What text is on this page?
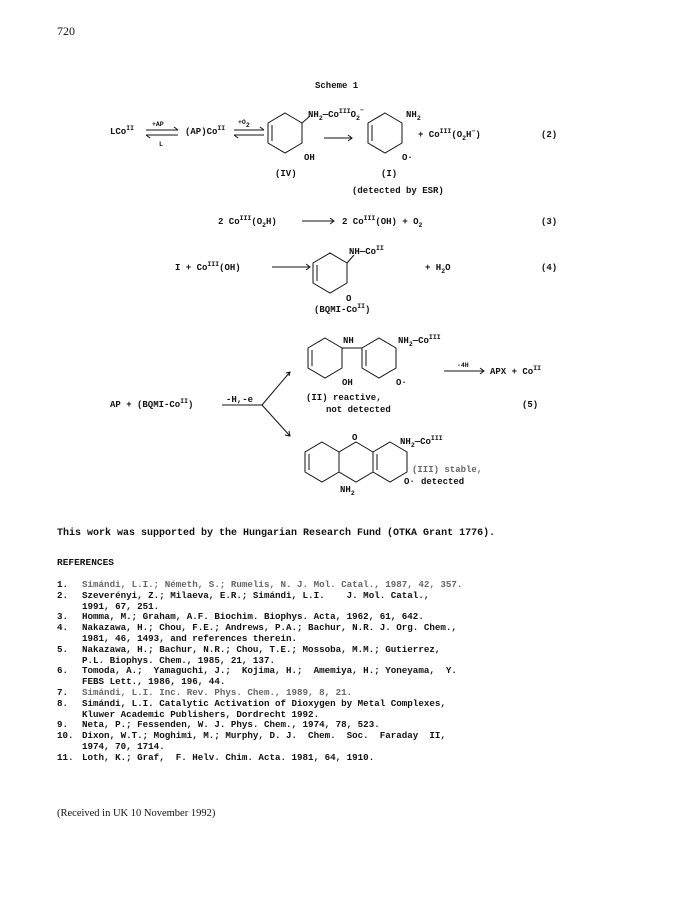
720
Scheme 1
LCo$^{II}$
+AP
L
$(AP)Co^{II}$
+O2
$NH_2—Co^{III}O_2^-$
OH
(IV)
$NH_2$
O·
(I)
+ $Co^{III}(O_2H^-)$	(2)
(detected by ESR)
2 $Co^{III}(O_2H)$	2 $Co^{III}(OH) + O_2$	(3)
$I + Co^{III}(OH)$
$NH—Co^{II}$
O
+ $H_2O$	(4)
$(BQMI-Co^{II})$
AP + $(BQMI-Co^{II})$	-H,-e
NH	$NH_2—Co^{III}$
OH	O·
(II) reactive,
not detected
-4H
APX + $Co^{II}$
(5)
O	$NH_2—Co^{III}$
$NH_2$
O·
(III) stable,
detected
This work was supported by the Hungarian Research Fund (OTKA Grant 1776).
REFERENCES
1.	Simándi, L.I.; Németh, S.; Rumelis, N. J. Mol. Catal., 1987, 42, 357.
2.	Szeverényi, Z.; Milaeva, E.R.; Simándi, L.I.    J. Mol. Catal.,
1991, 67, 251.
3.	Homma, M.; Graham, A.F. Biochim. Biophys. Acta, 1962, 61, 642.
4.	Nakazawa, H.; Chou, F.E.; Andrews, P.A.; Bachur, N.R. J. Org. Chem.,
1981, 46, 1493, and references therein.
5.	Nakazawa, H.; Bachur, N.R.; Chou, T.E.; Mossoba, M.M.; Gutierrez,
P.L. Biophys. Chem., 1985, 21, 137.
6.	Tomoda, A.;  Yamaguchi, J.;  Kojima, H.;  Amemiya, H.; Yoneyama,  Y.
FEBS Lett., 1986, 196, 44.
7.	Simándi, L.I. Inc. Rev. Phys. Chem., 1989, 8, 21.
8.	Simándi, L.I. Catalytic Activation of Dioxygen by Metal Complexes,
Kluwer Academic Publishers, Dordrecht 1992.
9.	Neta, P.; Fessenden, W. J. Phys. Chem., 1974, 78, 523.
10. Dixon, W.T.; Moghimi, M.; Murphy, D. J.  Chem.  Soc.  Faraday  II,
1974, 70, 1714.
11. Loth, K.; Graf,  F. Helv. Chim. Acta. 1981, 64, 1910.
(Received in UK 10 November 1992)
